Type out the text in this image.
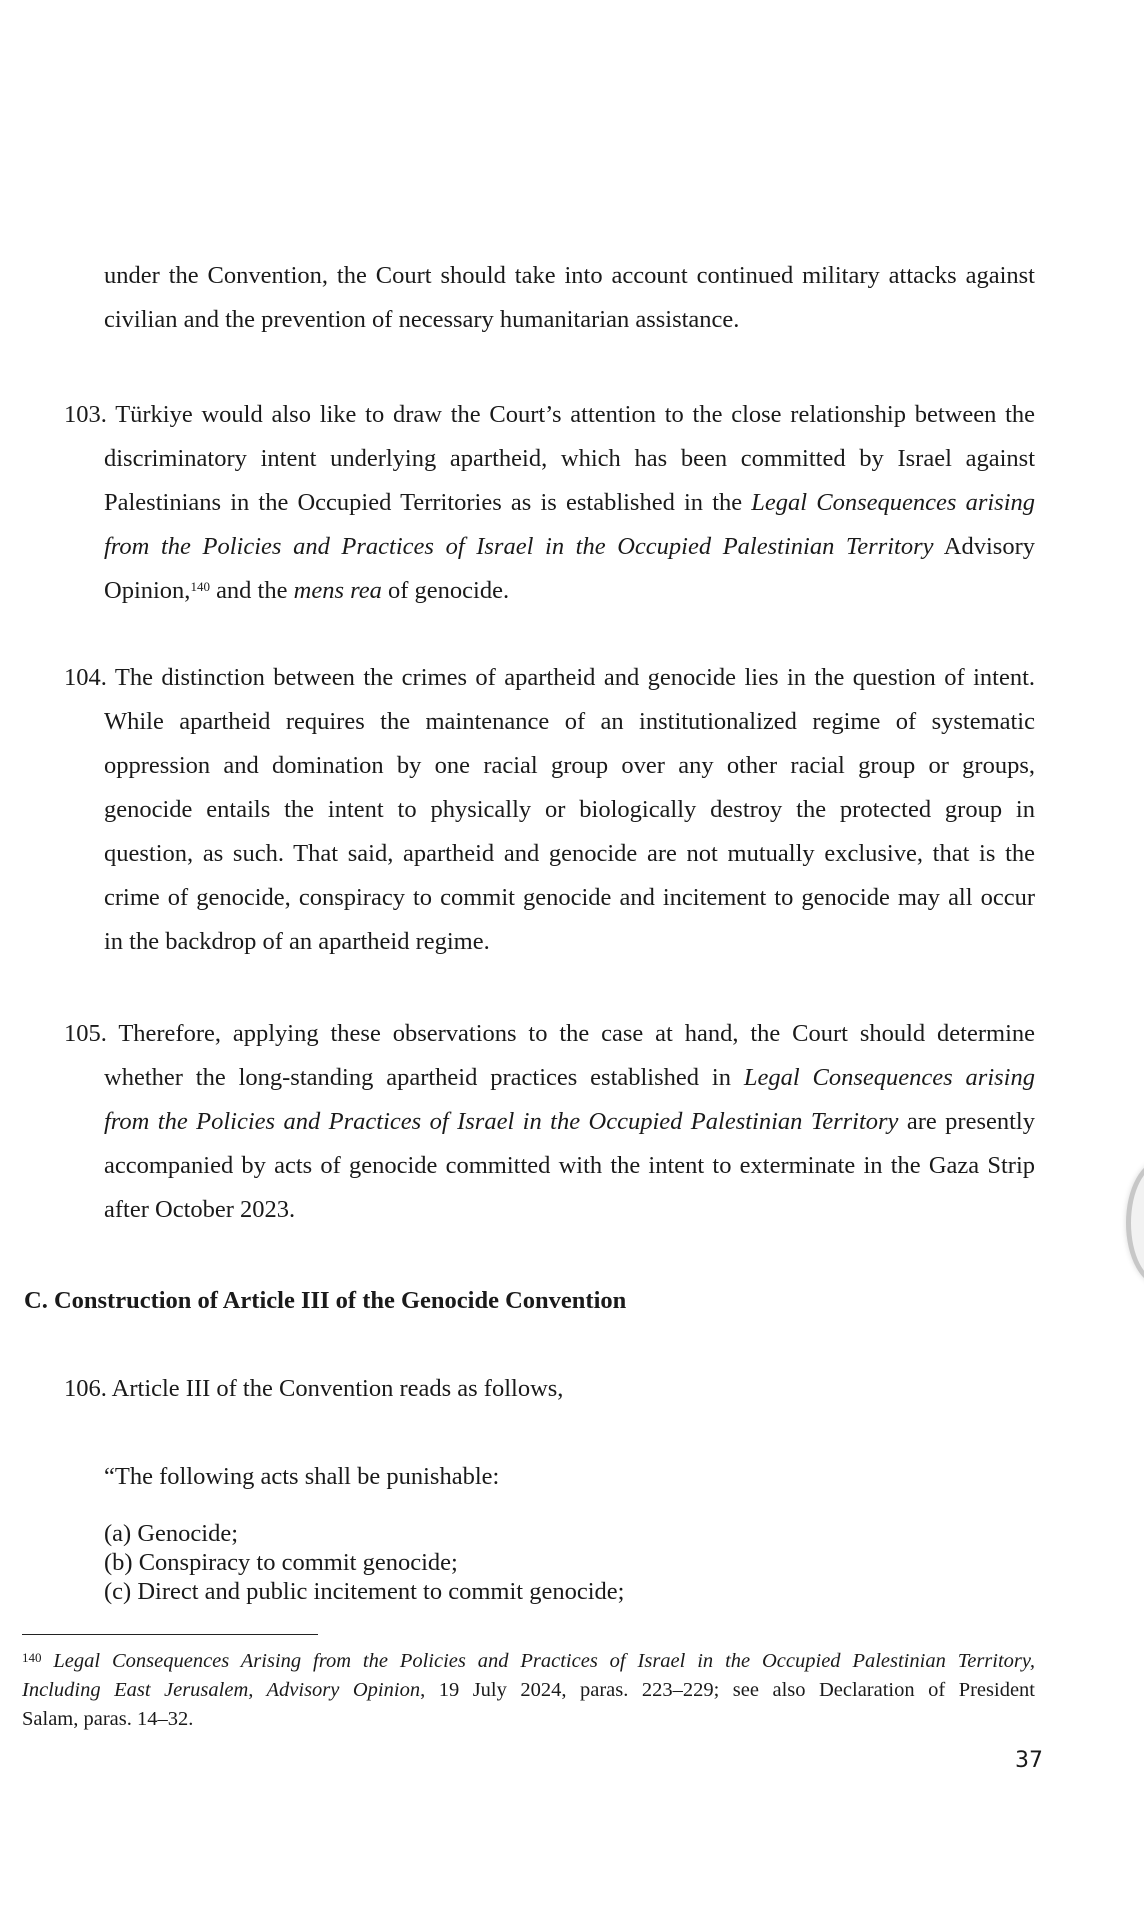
under the Convention, the Court should take into account continued military attacks against
civilian and the prevention of necessary humanitarian assistance.
103. Türkiye would also like to draw the Court’s attention to the close relationship between the
discriminatory intent underlying apartheid, which has been committed by Israel against
Palestinians in the Occupied Territories as is established in the Legal Consequences arising
from the Policies and Practices of Israel in the Occupied Palestinian Territory Advisory
Opinion,$^{140}$ and the mens rea of genocide.
104. The distinction between the crimes of apartheid and genocide lies in the question of intent.
While apartheid requires the maintenance of an institutionalized regime of systematic
oppression and domination by one racial group over any other racial group or groups,
genocide entails the intent to physically or biologically destroy the protected group in
question, as such. That said, apartheid and genocide are not mutually exclusive, that is the
crime of genocide, conspiracy to commit genocide and incitement to genocide may all occur
in the backdrop of an apartheid regime.
105. Therefore, applying these observations to the case at hand, the Court should determine
whether the long-standing apartheid practices established in Legal Consequences arising
from the Policies and Practices of Israel in the Occupied Palestinian Territory are presently
accompanied by acts of genocide committed with the intent to exterminate in the Gaza Strip
after October 2023.
C. Construction of Article III of the Genocide Convention
106. Article III of the Convention reads as follows,
“The following acts shall be punishable:
(a) Genocide;
(b) Conspiracy to commit genocide;
(c) Direct and public incitement to commit genocide;
$^{140}$ Legal Consequences Arising from the Policies and Practices of Israel in the Occupied Palestinian Territory,
Including East Jerusalem, Advisory Opinion, 19 July 2024, paras. 223–229; see also Declaration of President
Salam, paras. 14–32.
37
